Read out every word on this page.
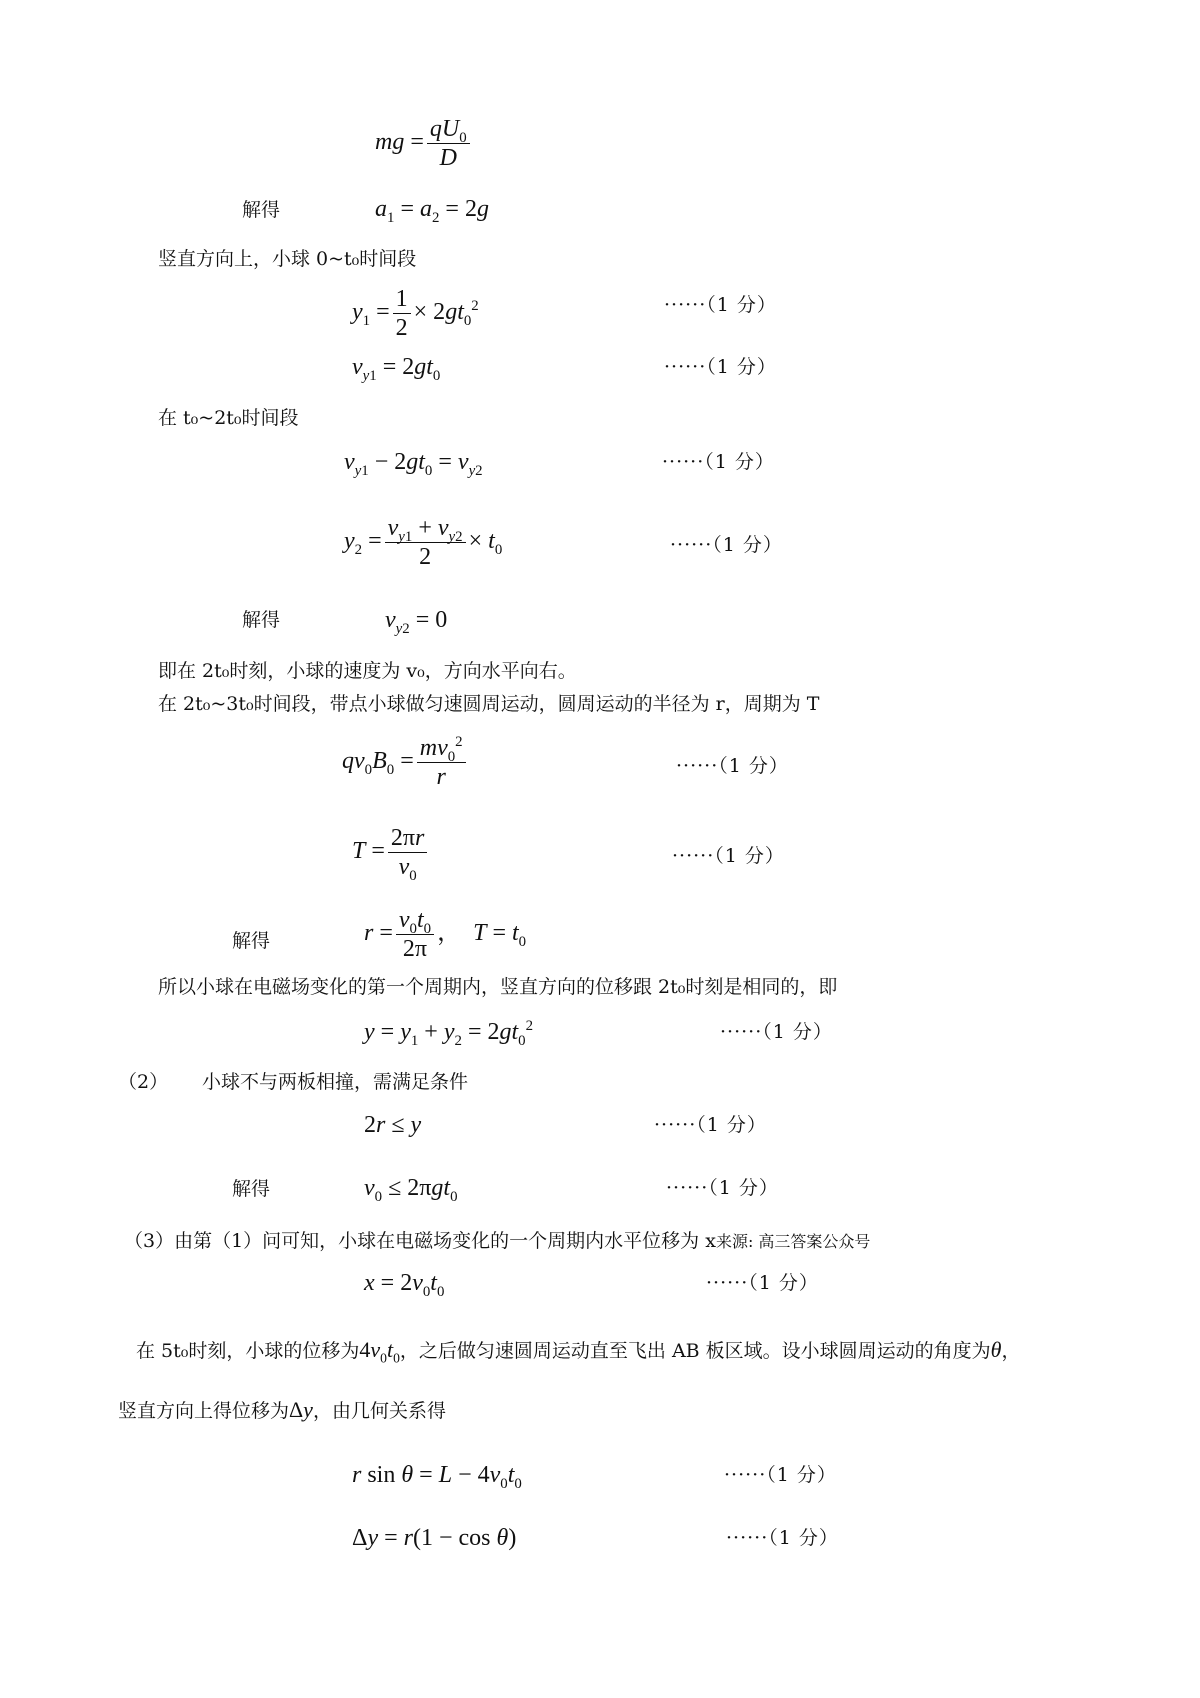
mg = $\frac{qU_0}{D}$
解得	$a_1 = a_2 = 2g$
竖直方向上，小球 0~t₀时间段
$y_1 = \frac{1}{2} \times 2gt_0^2$	······（1 分）
$v_{y1} = 2gt_0$	······（1 分）
在 t₀~2t₀时间段
$v_{y1} - 2gt_0 = v_{y2}$	······（1 分）
$y_2 = \frac{v_{y1} + v_{y2}}{2} \times t_0$	······（1 分）
解得	$v_{y2} = 0$
即在 2t₀时刻，小球的速度为 v₀，方向水平向右。
在 2t₀~3t₀时间段，带点小球做匀速圆周运动，圆周运动的半径为 r，周期为 T
$qv_0B_0 = \frac{mv_0^2}{r}$	······（1 分）
$T = \frac{2\pi r}{v_0}$	······（1 分）
解得	$r = \frac{v_0t_0}{2\pi}$ ，  $T = t_0$
所以小球在电磁场变化的第一个周期内，竖直方向的位移跟 2t₀时刻是相同的，即
$y = y_1 + y_2 = 2gt_0^2$	······（1 分）
（2） 小球不与两板相撞，需满足条件
2r ≤ y	······（1 分）
解得	$v_0 \le 2\pi gt_0$	······（1 分）
（3）由第（1）问可知，小球在电磁场变化的一个周期内水平位移为 x来源: 高三答案公众号
$x = 2v_0t_0$	······（1 分）
在 5t₀时刻，小球的位移为$4v_0t_0$，之后做匀速圆周运动直至飞出 AB 板区域。设小球圆周运动的角度为θ，
竖直方向上得位移为Δy，由几何关系得
r $\sin \theta = L - 4v_0t_0$	······（1 分）
Δy = r(1 − cos θ)	······（1 分）
